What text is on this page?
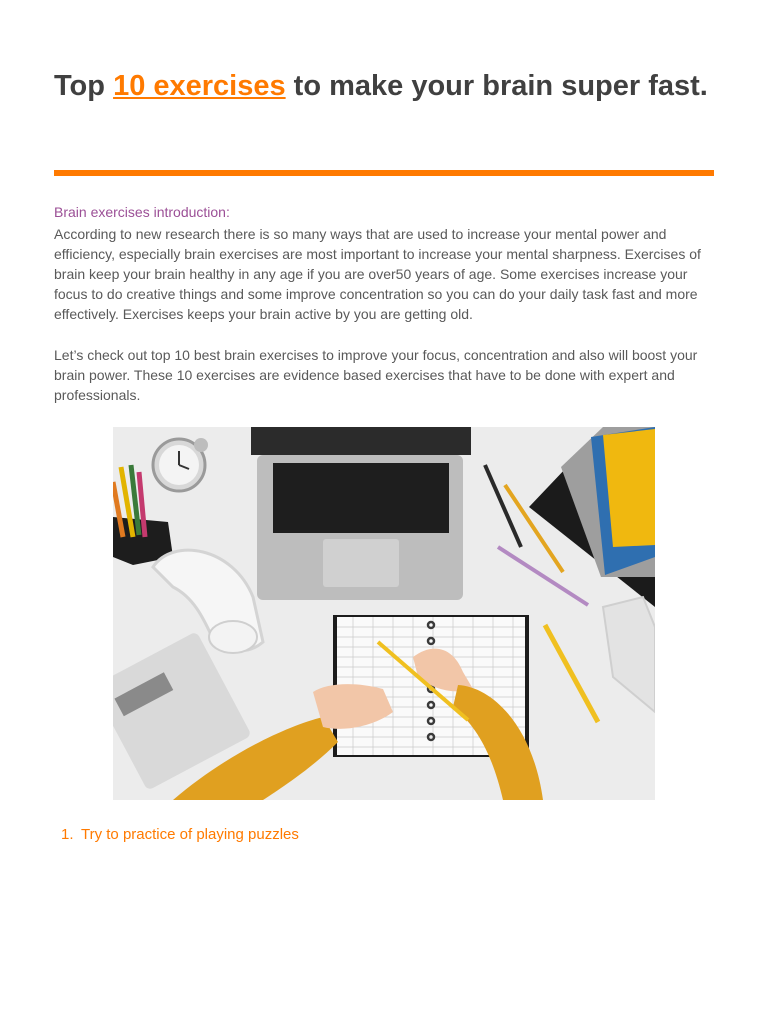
Top 10 exercises to make your brain super fast.
Brain exercises introduction:
According to new research there is so many ways that are used to increase your mental power and efficiency, especially brain exercises are most important to increase your mental sharpness. Exercises of brain keep your brain healthy in any age if you are over50 years of age. Some exercises increase your focus to do creative things and some improve concentration so you can do your daily task fast and more effectively. Exercises keeps your brain active by you are getting old.
Let’s check out top 10 best brain exercises to improve your focus, concentration and also will boost your brain power. These 10 exercises are evidence based exercises that have to be done with expert and professionals.
1. Try to practice of playing puzzles
